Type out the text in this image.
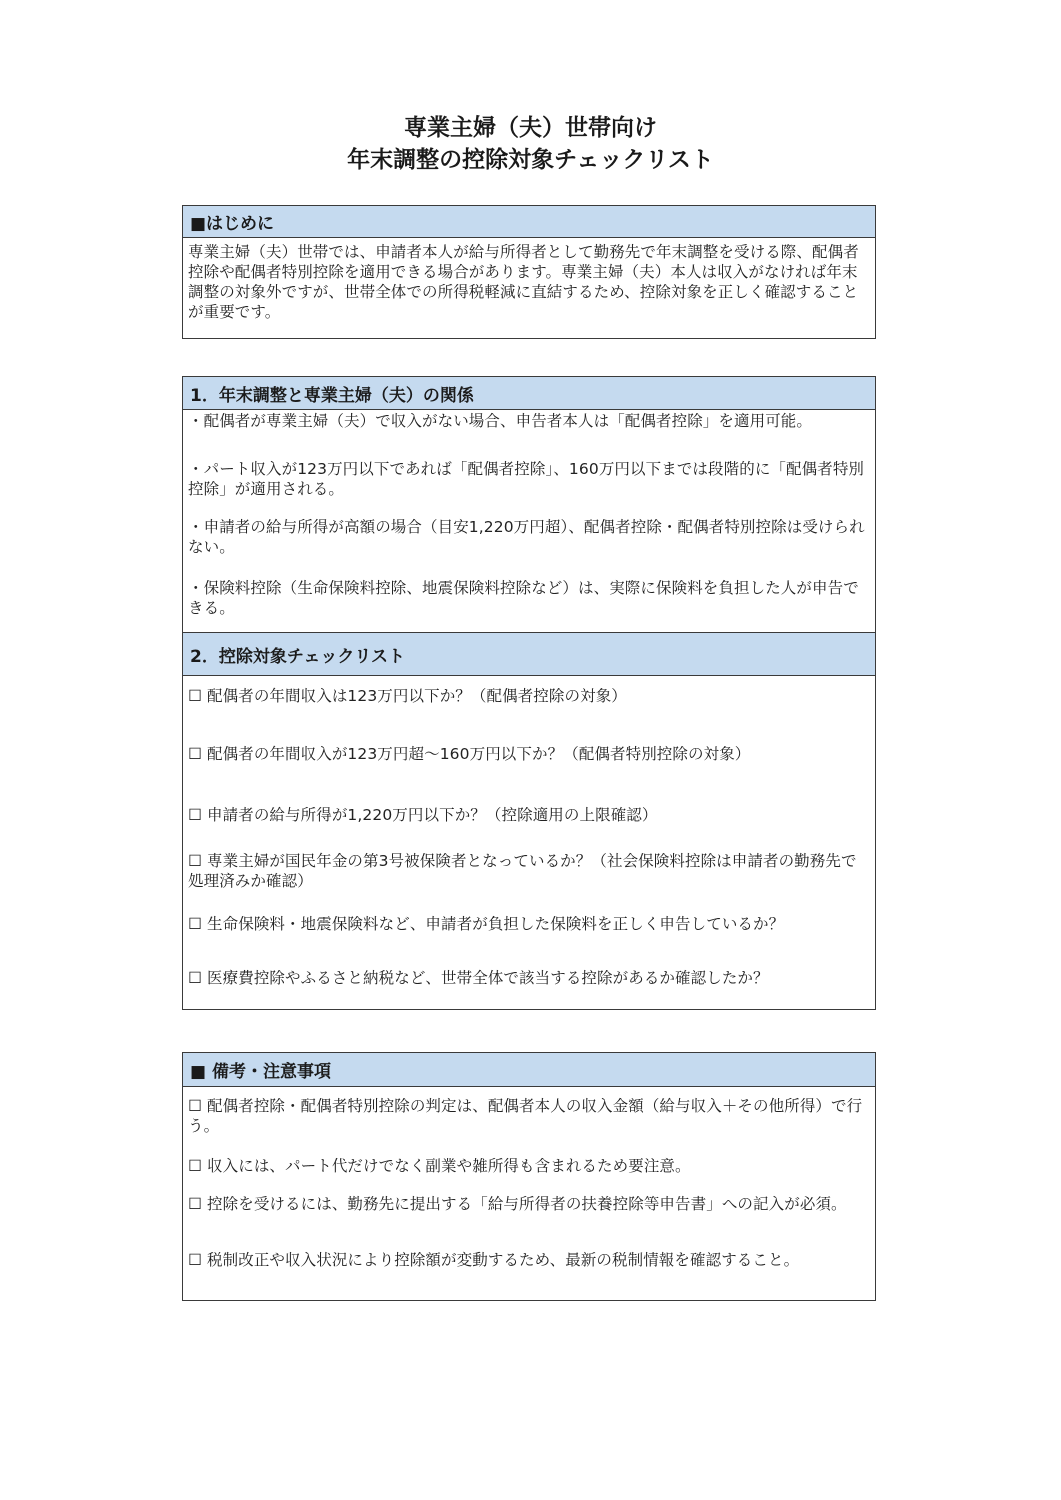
専業主婦（夫）世帯向け
年末調整の控除対象チェックリスト
■はじめに
専業主婦（夫）世帯では、申請者本人が給与所得者として勤務先で年末調整を受ける際、配偶者控除や配偶者特別控除を適用できる場合があります。専業主婦（夫）本人は収入がなければ年末調整の対象外ですが、世帯全体での所得税軽減に直結するため、控除対象を正しく確認することが重要です。
1．年末調整と専業主婦（夫）の関係
・配偶者が専業主婦（夫）で収入がない場合、申告者本人は「配偶者控除」を適用可能。
・パート収入が123万円以下であれば「配偶者控除」、160万円以下までは段階的に「配偶者特別控除」が適用される。
・申請者の給与所得が高額の場合（目安1,220万円超）、配偶者控除・配偶者特別控除は受けられない。
・保険料控除（生命保険料控除、地震保険料控除など）は、実際に保険料を負担した人が申告できる。
2．控除対象チェックリスト
☐ 配偶者の年間収入は123万円以下か？（配偶者控除の対象）
☐ 配偶者の年間収入が123万円超～160万円以下か？（配偶者特別控除の対象）
☐ 申請者の給与所得が1,220万円以下か？（控除適用の上限確認）
☐ 専業主婦が国民年金の第3号被保険者となっているか？（社会保険料控除は申請者の勤務先で処理済みか確認）
☐ 生命保険料・地震保険料など、申請者が負担した保険料を正しく申告しているか？
☐ 医療費控除やふるさと納税など、世帯全体で該当する控除があるか確認したか？
■ 備考・注意事項
☐ 配偶者控除・配偶者特別控除の判定は、配偶者本人の収入金額（給与収入＋その他所得）で行う。
☐ 収入には、パート代だけでなく副業や雑所得も含まれるため要注意。
☐ 控除を受けるには、勤務先に提出する「給与所得者の扶養控除等申告書」への記入が必須。
☐ 税制改正や収入状況により控除額が変動するため、最新の税制情報を確認すること。
